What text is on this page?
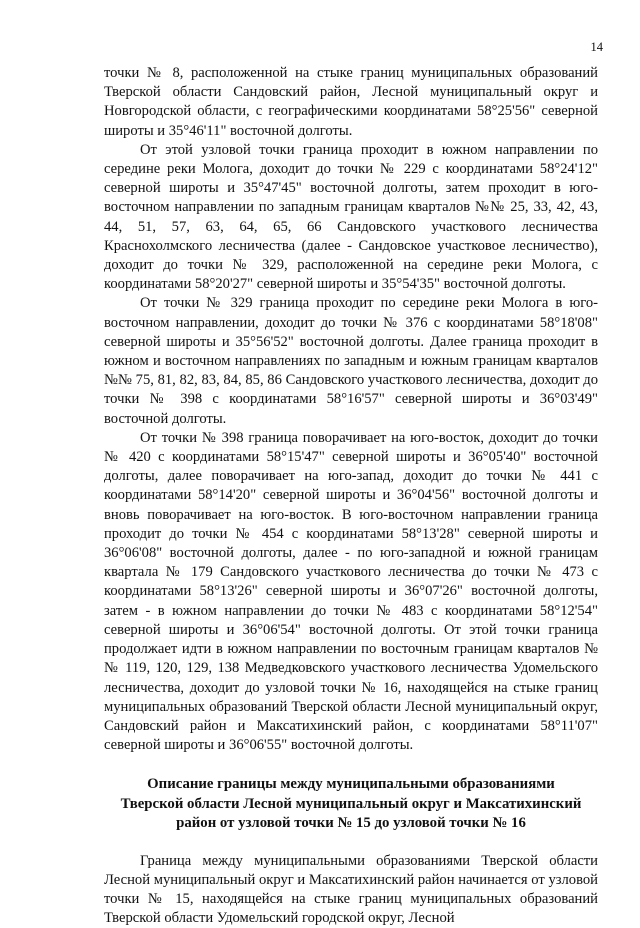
14

точки № 8, расположенной на стыке границ муниципальных образований Тверской области Сандовский район, Лесной муниципальный округ и Новгородской области, с географическими координатами 58°25'56" северной широты и 35°46'11" восточной долготы.

От этой узловой точки граница проходит в южном направлении по середине реки Молога, доходит до точки № 229 с координатами 58°24'12" северной широты и 35°47'45" восточной долготы, затем проходит в юго-восточном направлении по западным границам кварталов №№ 25, 33, 42, 43, 44, 51, 57, 63, 64, 65, 66 Сандовского участкового лесничества Краснохолмского лесничества (далее - Сандовское участковое лесничество), доходит до точки № 329, расположенной на середине реки Молога, с координатами 58°20'27" северной широты и 35°54'35" восточной долготы.

От точки № 329 граница проходит по середине реки Молога в юго-восточном направлении, доходит до точки № 376 с координатами 58°18'08" северной широты и 35°56'52" восточной долготы. Далее граница проходит в южном и восточном направлениях по западным и южным границам кварталов №№ 75, 81, 82, 83, 84, 85, 86 Сандовского участкового лесничества, доходит до точки № 398 с координатами 58°16'57" северной широты и 36°03'49" восточной долготы.

От точки № 398 граница поворачивает на юго-восток, доходит до точки № 420 с координатами 58°15'47" северной широты и 36°05'40" восточной долготы, далее поворачивает на юго-запад, доходит до точки № 441 с координатами 58°14'20" северной широты и 36°04'56" восточной долготы и вновь поворачивает на юго-восток. В юго-восточном направлении граница проходит до точки № 454 с координатами 58°13'28" северной широты и 36°06'08" восточной долготы, далее - по юго-западной и южной границам квартала № 179 Сандовского участкового лесничества до точки № 473 с координатами 58°13'26" северной широты и 36°07'26" восточной долготы, затем - в южном направлении до точки № 483 с координатами 58°12'54" северной широты и 36°06'54" восточной долготы. От этой точки граница продолжает идти в южном направлении по восточным границам кварталов №№ 119, 120, 129, 138 Медведковского участкового лесничества Удомельского лесничества, доходит до узловой точки № 16, находящейся на стыке границ муниципальных образований Тверской области Лесной муниципальный округ, Сандовский район и Максатихинский район, с координатами 58°11'07" северной широты и 36°06'55" восточной долготы.

Описание границы между муниципальными образованиями Тверской области Лесной муниципальный округ и Максатихинский район от узловой точки № 15 до узловой точки № 16

Граница между муниципальными образованиями Тверской области Лесной муниципальный округ и Максатихинский район начинается от узловой точки № 15, находящейся на стыке границ муниципальных образований Тверской области Удомельский городской округ, Лесной
